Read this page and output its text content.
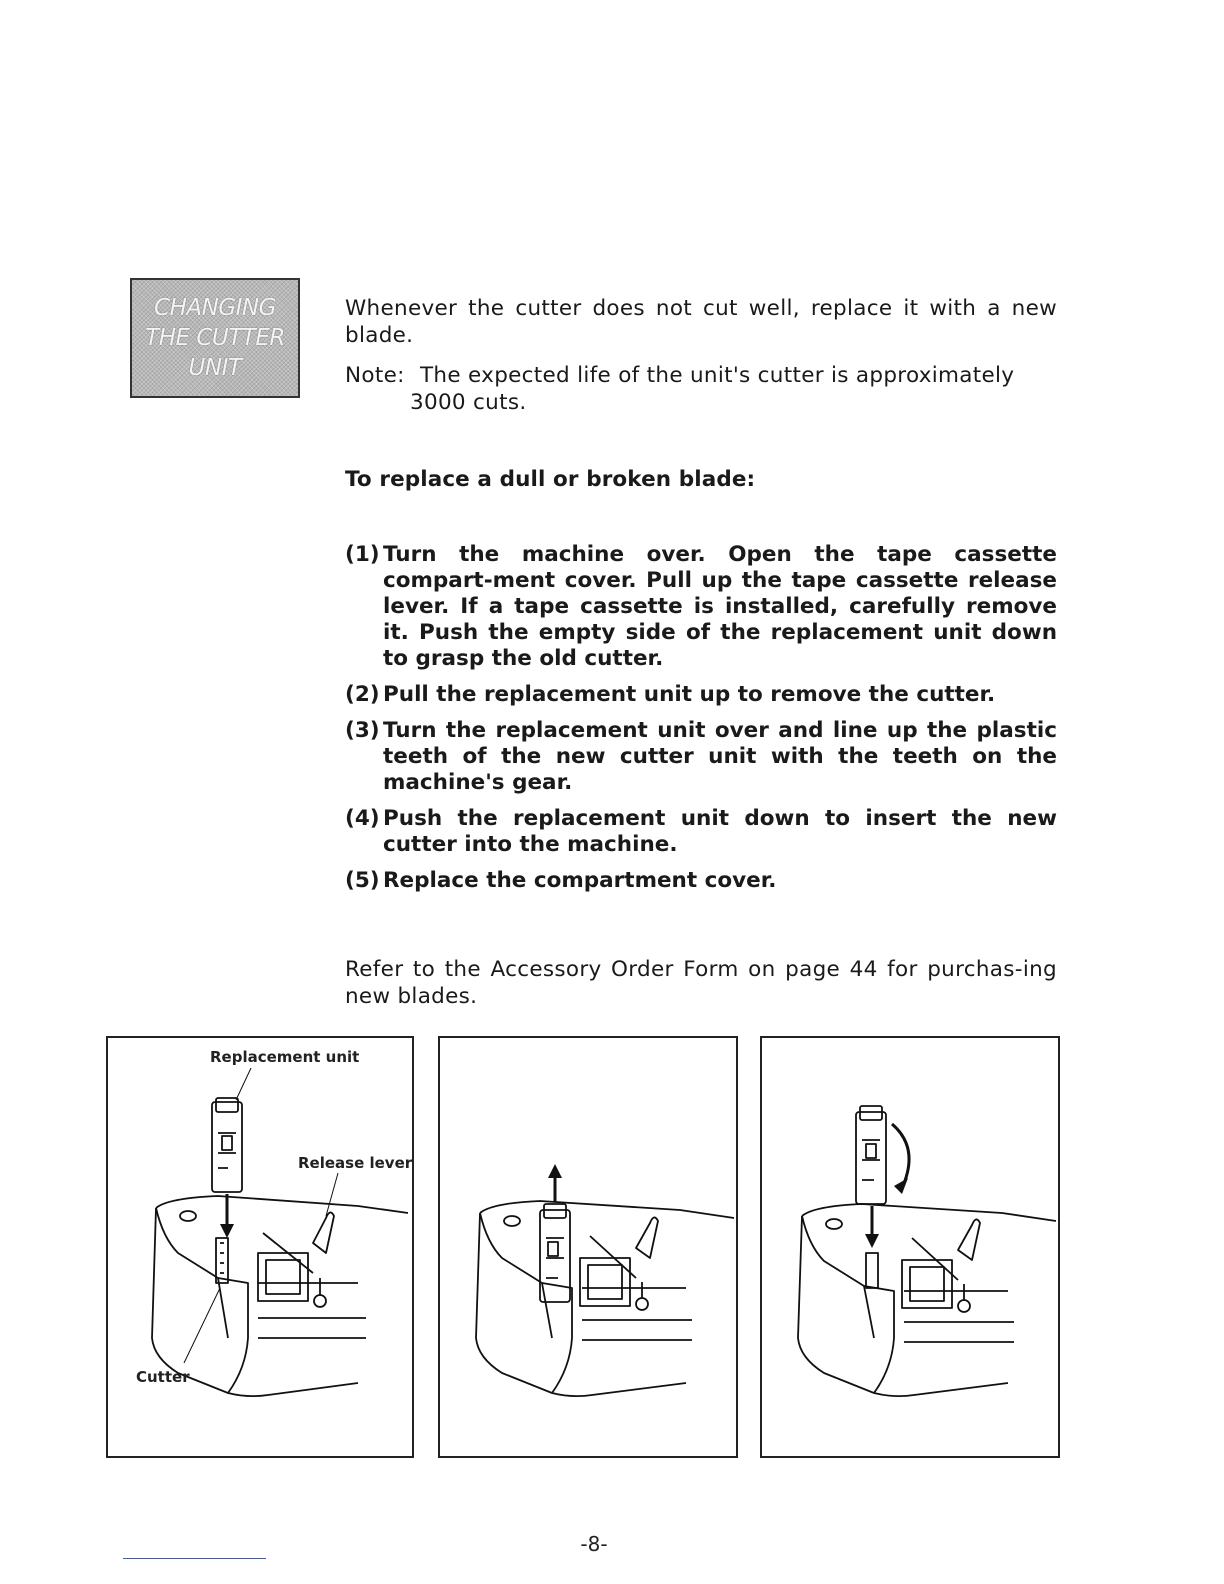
CHANGING
THE CUTTER
UNIT
Whenever the cutter does not cut well, replace it with a new blade.
Note: The expected life of the unit's cutter is approximately
3000 cuts.
To replace a dull or broken blade:
(1) Turn the machine over. Open the tape cassette compart-ment cover. Pull up the tape cassette release lever. If a tape cassette is installed, carefully remove it. Push the empty side of the replacement unit down to grasp the old cutter.
(2) Pull the replacement unit up to remove the cutter.
(3) Turn the replacement unit over and line up the plastic teeth of the new cutter unit with the teeth on the machine's gear.
(4) Push the replacement unit down to insert the new cutter into the machine.
(5) Replace the compartment cover.
Refer to the Accessory Order Form on page 44 for purchas-ing new blades.
Replacement unit
Release lever
Cutter
-8-
